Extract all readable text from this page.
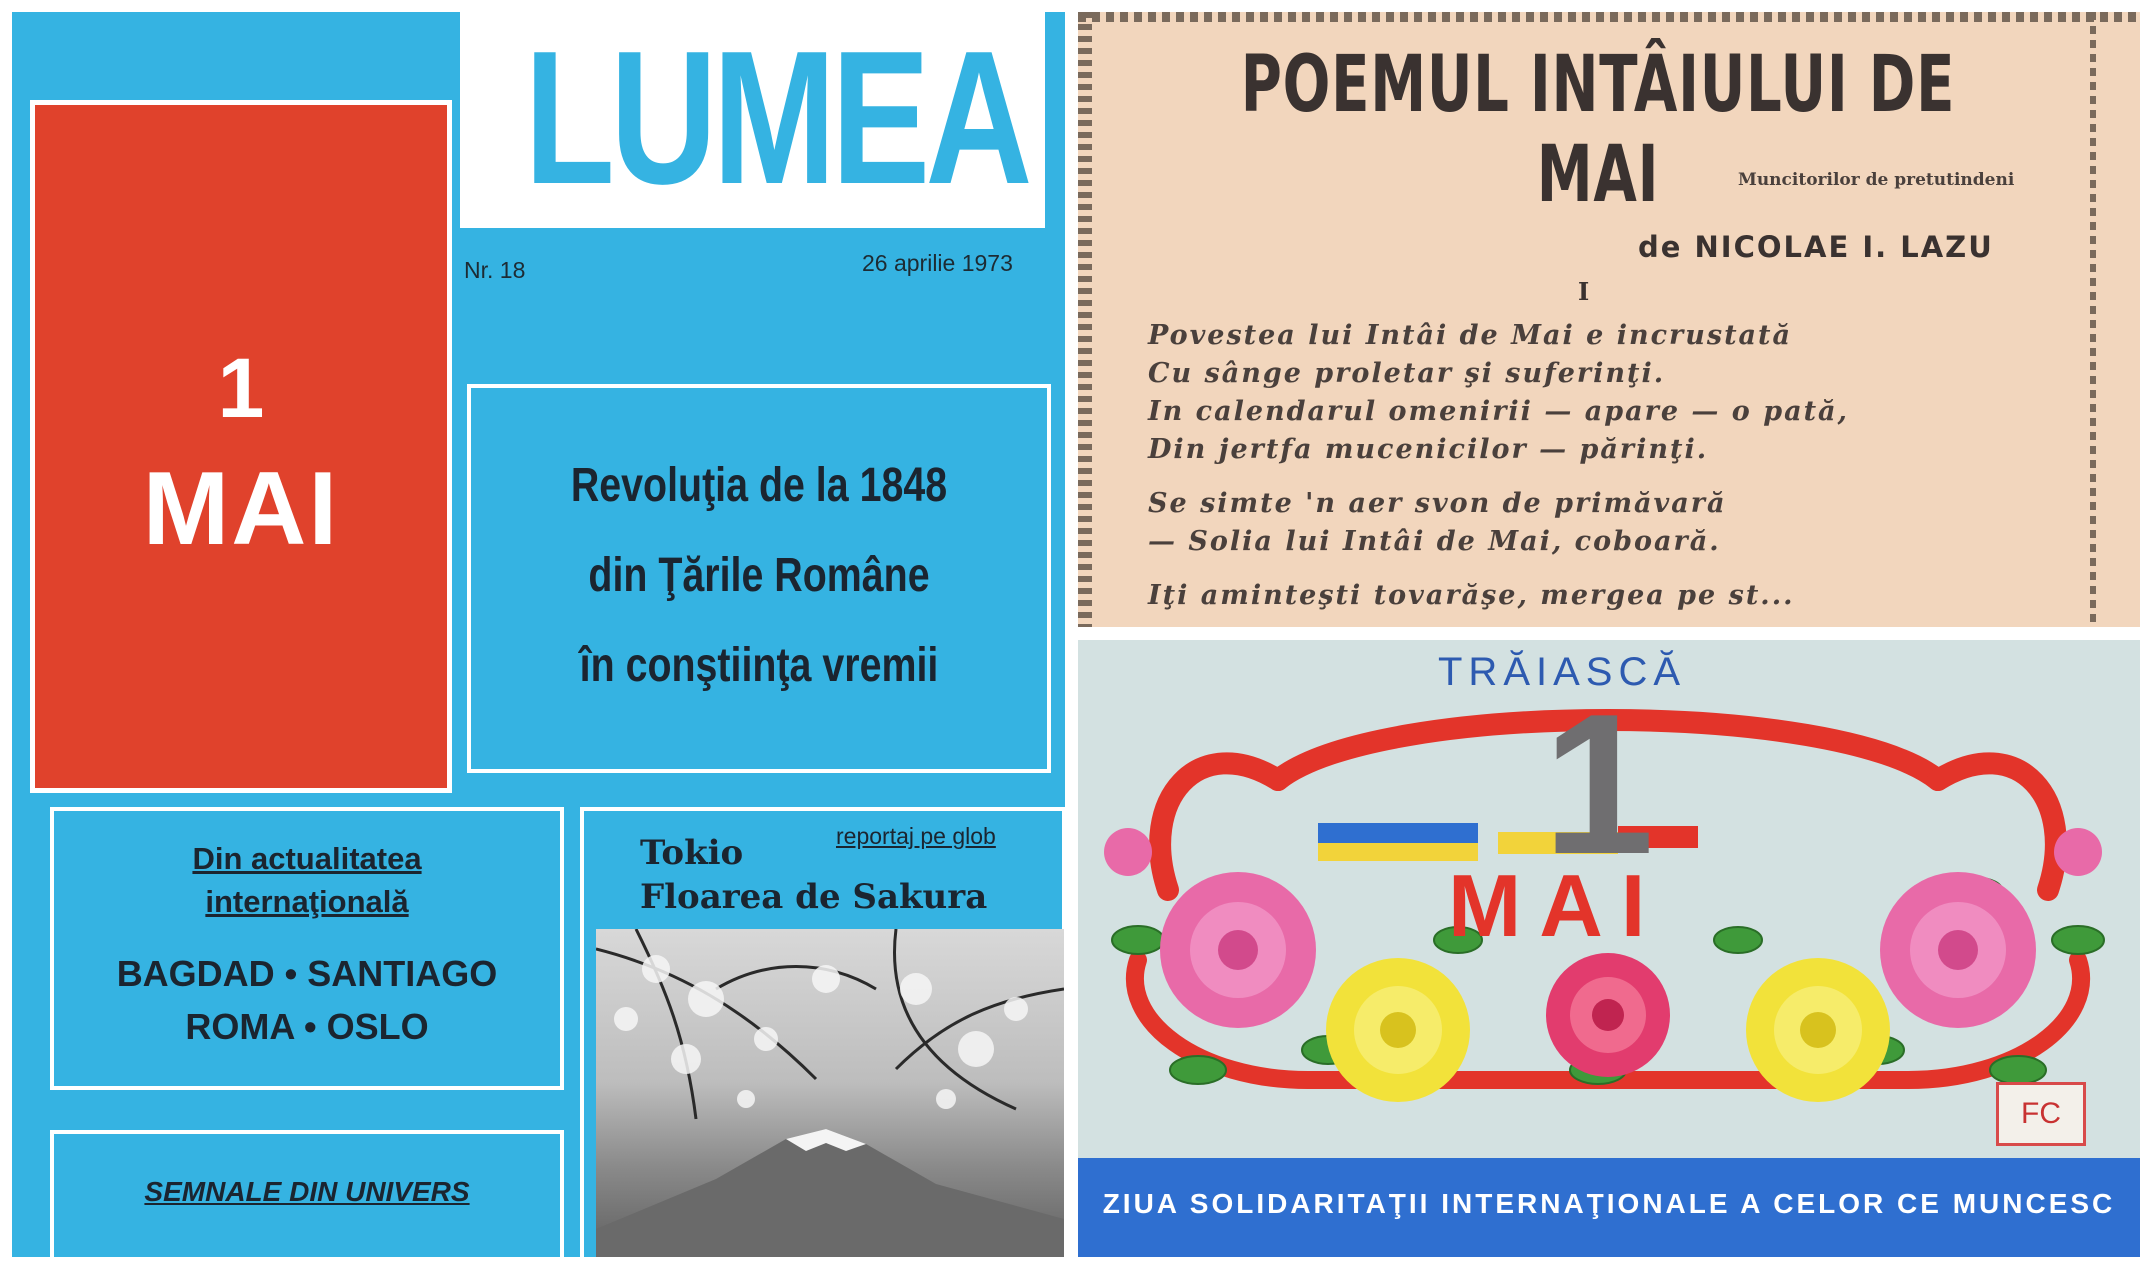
LUMEA
Nr. 18	26 aprilie 1973
1
MAI	Revoluţia de la 1848
din Ţările Române
în conştiinţa vremii
Din actualitatea
internaţională
BAGDAD • SANTIAGO
ROMA • OSLO
reportaj pe glob
Tokio
Floarea de Sakura
SEMNALE DIN UNIVERS
POEMUL INTÂIULUI DE MAI	Muncitorilor de pretutindeni
de NICOLAE I. LAZU
I
Povestea lui Intâi de Mai e incrustată
Cu sânge proletar şi suferinţi.
In calendarul omenirii — apare — o pată,
Din jertfa mucenicilor — părinţi.
Se simte 'n aer svon de primăvară
— Solia lui Intâi de Mai, coboară.
Iţi aminteşti tovarăşe, mergea pe st...
TRĂIASCĂ
1
MAI
FC
ZIUA SOLIDARITAŢII INTERNAŢIONALE A CELOR CE MUNCESC
